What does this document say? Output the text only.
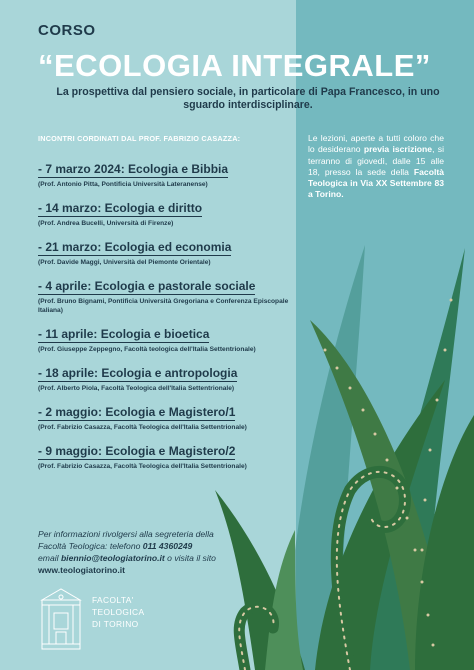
CORSO
“ECOLOGIA INTEGRALE”
La prospettiva dal pensiero sociale, in particolare di Papa Francesco, in uno
sguardo interdisciplinare.
INCONTRI CORDINATI DAL PROF. FABRIZIO CASAZZA:	Le lezioni, aperte a tutti coloro che lo desiderano previa iscrizione, si terranno di giovedì, dalle 15 alle 18, presso la sede della Facoltà Teologica in Via XX Settembre 83 a Torino.
- 7 marzo 2024: Ecologia e Bibbia
(Prof. Antonio Pitta, Pontificia Università Lateranense)
- 14 marzo: Ecologia e diritto
(Prof. Andrea Bucelli, Università di Firenze)
- 21 marzo: Ecologia ed economia
(Prof. Davide Maggi, Università del Piemonte Orientale)
- 4 aprile: Ecologia e pastorale sociale
(Prof. Bruno Bignami, Pontificia Università Gregoriana e Conferenza Episcopale Italiana)
- 11 aprile: Ecologia e bioetica
(Prof. Giuseppe Zeppegno, Facoltà teologica dell'Italia Settentrionale)
- 18 aprile: Ecologia e antropologia
(Prof. Alberto Piola, Facoltà Teologica dell'Italia Settentrionale)
- 2 maggio: Ecologia e Magistero/1
(Prof. Fabrizio Casazza, Facoltà Teologica dell'Italia Settentrionale)
- 9 maggio: Ecologia e Magistero/2
(Prof. Fabrizio Casazza, Facoltà Teologica dell'Italia Settentrionale)
Per informazioni rivolgersi alla segreteria della
Facoltà Teologica: telefono 011 4360249
email biennio@teologiatorino.it o visita il sito
www.teologiatorino.it
FACOLTA'
TEOLOGICA
DI TORINO
